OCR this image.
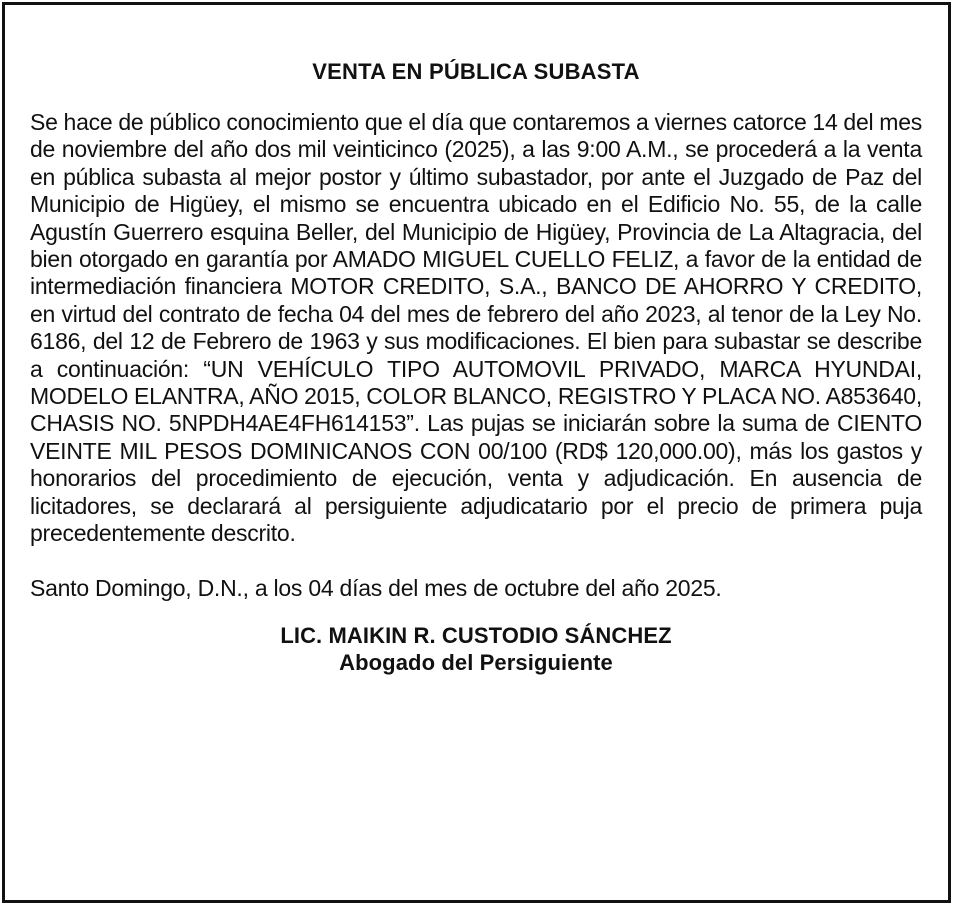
VENTA EN PÚBLICA SUBASTA

Se hace de público conocimiento que el día que contaremos a viernes catorce 14 del mes de noviembre del año dos mil veinticinco (2025), a las 9:00 A.M., se procederá a la venta en pública subasta al mejor postor y último subastador, por ante el Juzgado de Paz del Municipio de Higüey, el mismo se encuentra ubicado en el Edificio No. 55, de la calle Agustín Guerrero esquina Beller, del Municipio de Higüey, Provincia de La Altagracia, del bien otorgado en garantía por AMADO MIGUEL CUELLO FELIZ, a favor de la entidad de intermediación financiera MOTOR CREDITO, S.A., BANCO DE AHORRO Y CREDITO, en virtud del contrato de fecha 04 del mes de febrero del año 2023, al tenor de la Ley No. 6186, del 12 de Febrero de 1963 y sus modificaciones. El bien para subastar se describe a continuación: “UN VEHÍCULO TIPO AUTOMOVIL PRIVADO, MARCA HYUNDAI, MODELO ELANTRA, AÑO 2015, COLOR BLANCO, REGISTRO Y PLACA NO. A853640, CHASIS NO. 5NPDH4AE4FH614153”. Las pujas se iniciarán sobre la suma de CIENTO VEINTE MIL PESOS DOMINICANOS CON 00/100 (RD$ 120,000.00), más los gastos y honorarios del procedimiento de ejecución, venta y adjudicación. En ausencia de licitadores, se declarará al persiguiente adjudicatario por el precio de primera puja precedentemente descrito.

Santo Domingo, D.N., a los 04 días del mes de octubre del año 2025.

LIC. MAIKIN R. CUSTODIO SÁNCHEZ
Abogado del Persiguiente
